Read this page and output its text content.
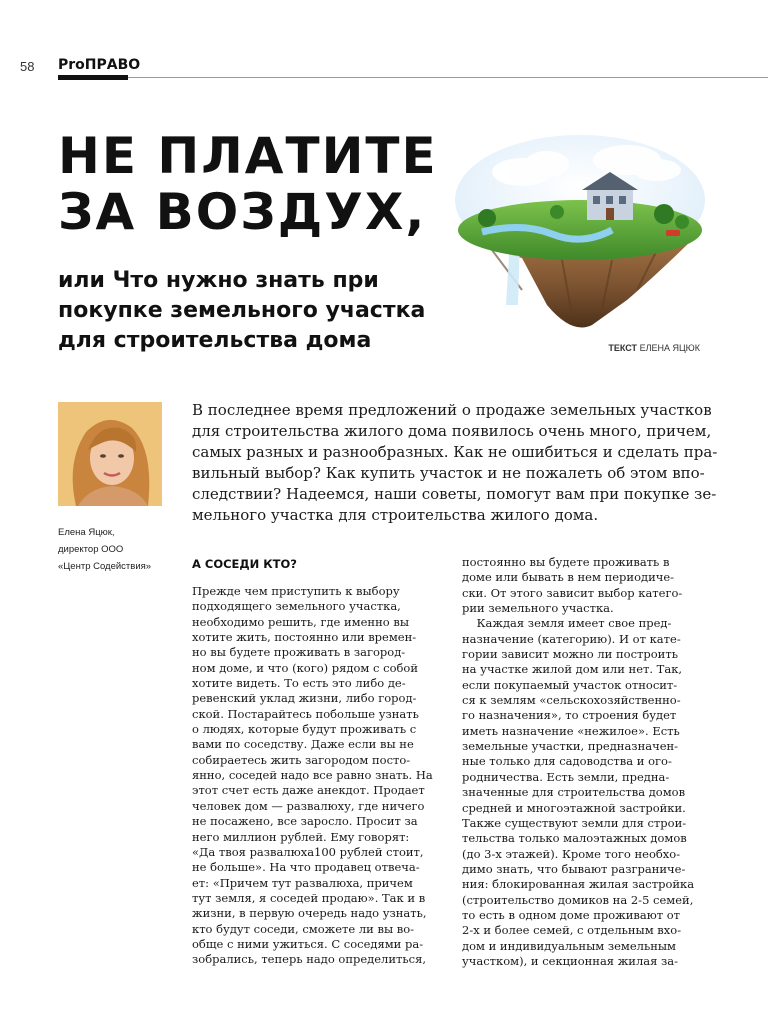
58 ProПРАВО
НЕ ПЛАТИТЕ
ЗА ВОЗДУХ,
или Что нужно знать при
покупке земельного участка
для строительства дома	ТЕКСТ ЕЛЕНА ЯЦЮК
Елена Яцюк,
директор ООО
«Центр Содействия»

В последнее время предложений о продаже земельных участков
для строительства жилого дома появилось очень много, причем,
самых разных и разнообразных. Как не ошибиться и сделать пра-
вильный выбор? Как купить участок и не пожалеть об этом впо-
следствии? Надеемся, наши советы, помогут вам при покупке зе-
мельного участка для строительства жилого дома.

А СОСЕДИ КТО?
Прежде чем приступить к выбору
подходящего земельного участка,
необходимо решить, где именно вы
хотите жить, постоянно или времен-
но вы будете проживать в загород-
ном доме, и что (кого) рядом с собой
хотите видеть. То есть это либо де-
ревенский уклад жизни, либо город-
ской. Постарайтесь побольше узнать
о людях, которые будут проживать с
вами по соседству. Даже если вы не
собираетесь жить загородом посто-
янно, соседей надо все равно знать. На
этот счет есть даже анекдот. Продает
человек дом — развалюху, где ничего
не посажено, все заросло. Просит за
него миллион рублей. Ему говорят:
«Да твоя развалюха100 рублей стоит,
не больше». На что продавец отвеча-
ет: «Причем тут развалюха, причем
тут земля, я соседей продаю». Так и в
жизни, в первую очередь надо узнать,
кто будут соседи, сможете ли вы во-
обще с ними ужиться. С соседями ра-
зобрались, теперь надо определиться,
постоянно вы будете проживать в
доме или бывать в нем периодиче-
ски. От этого зависит выбор катего-
рии земельного участка.
Каждая земля имеет свое пред-
назначение (категорию). И от кате-
гории зависит можно ли построить
на участке жилой дом или нет. Так,
если покупаемый участок относит-
ся к землям «сельскохозяйственно-
го назначения», то строения будет
иметь назначение «нежилое». Есть
земельные участки, предназначен-
ные только для садоводства и ого-
родничества. Есть земли, предна-
значенные для строительства домов
средней и многоэтажной застройки.
Также существуют земли для строи-
тельства только малоэтажных домов
(до 3-х этажей). Кроме того необхо-
димо знать, что бывают разграниче-
ния: блокированная жилая застройка
(строительство домиков на 2-5 семей,
то есть в одном доме проживают от
2-х и более семей, с отдельным вхо-
дом и индивидуальным земельным
участком), и секционная жилая за-
